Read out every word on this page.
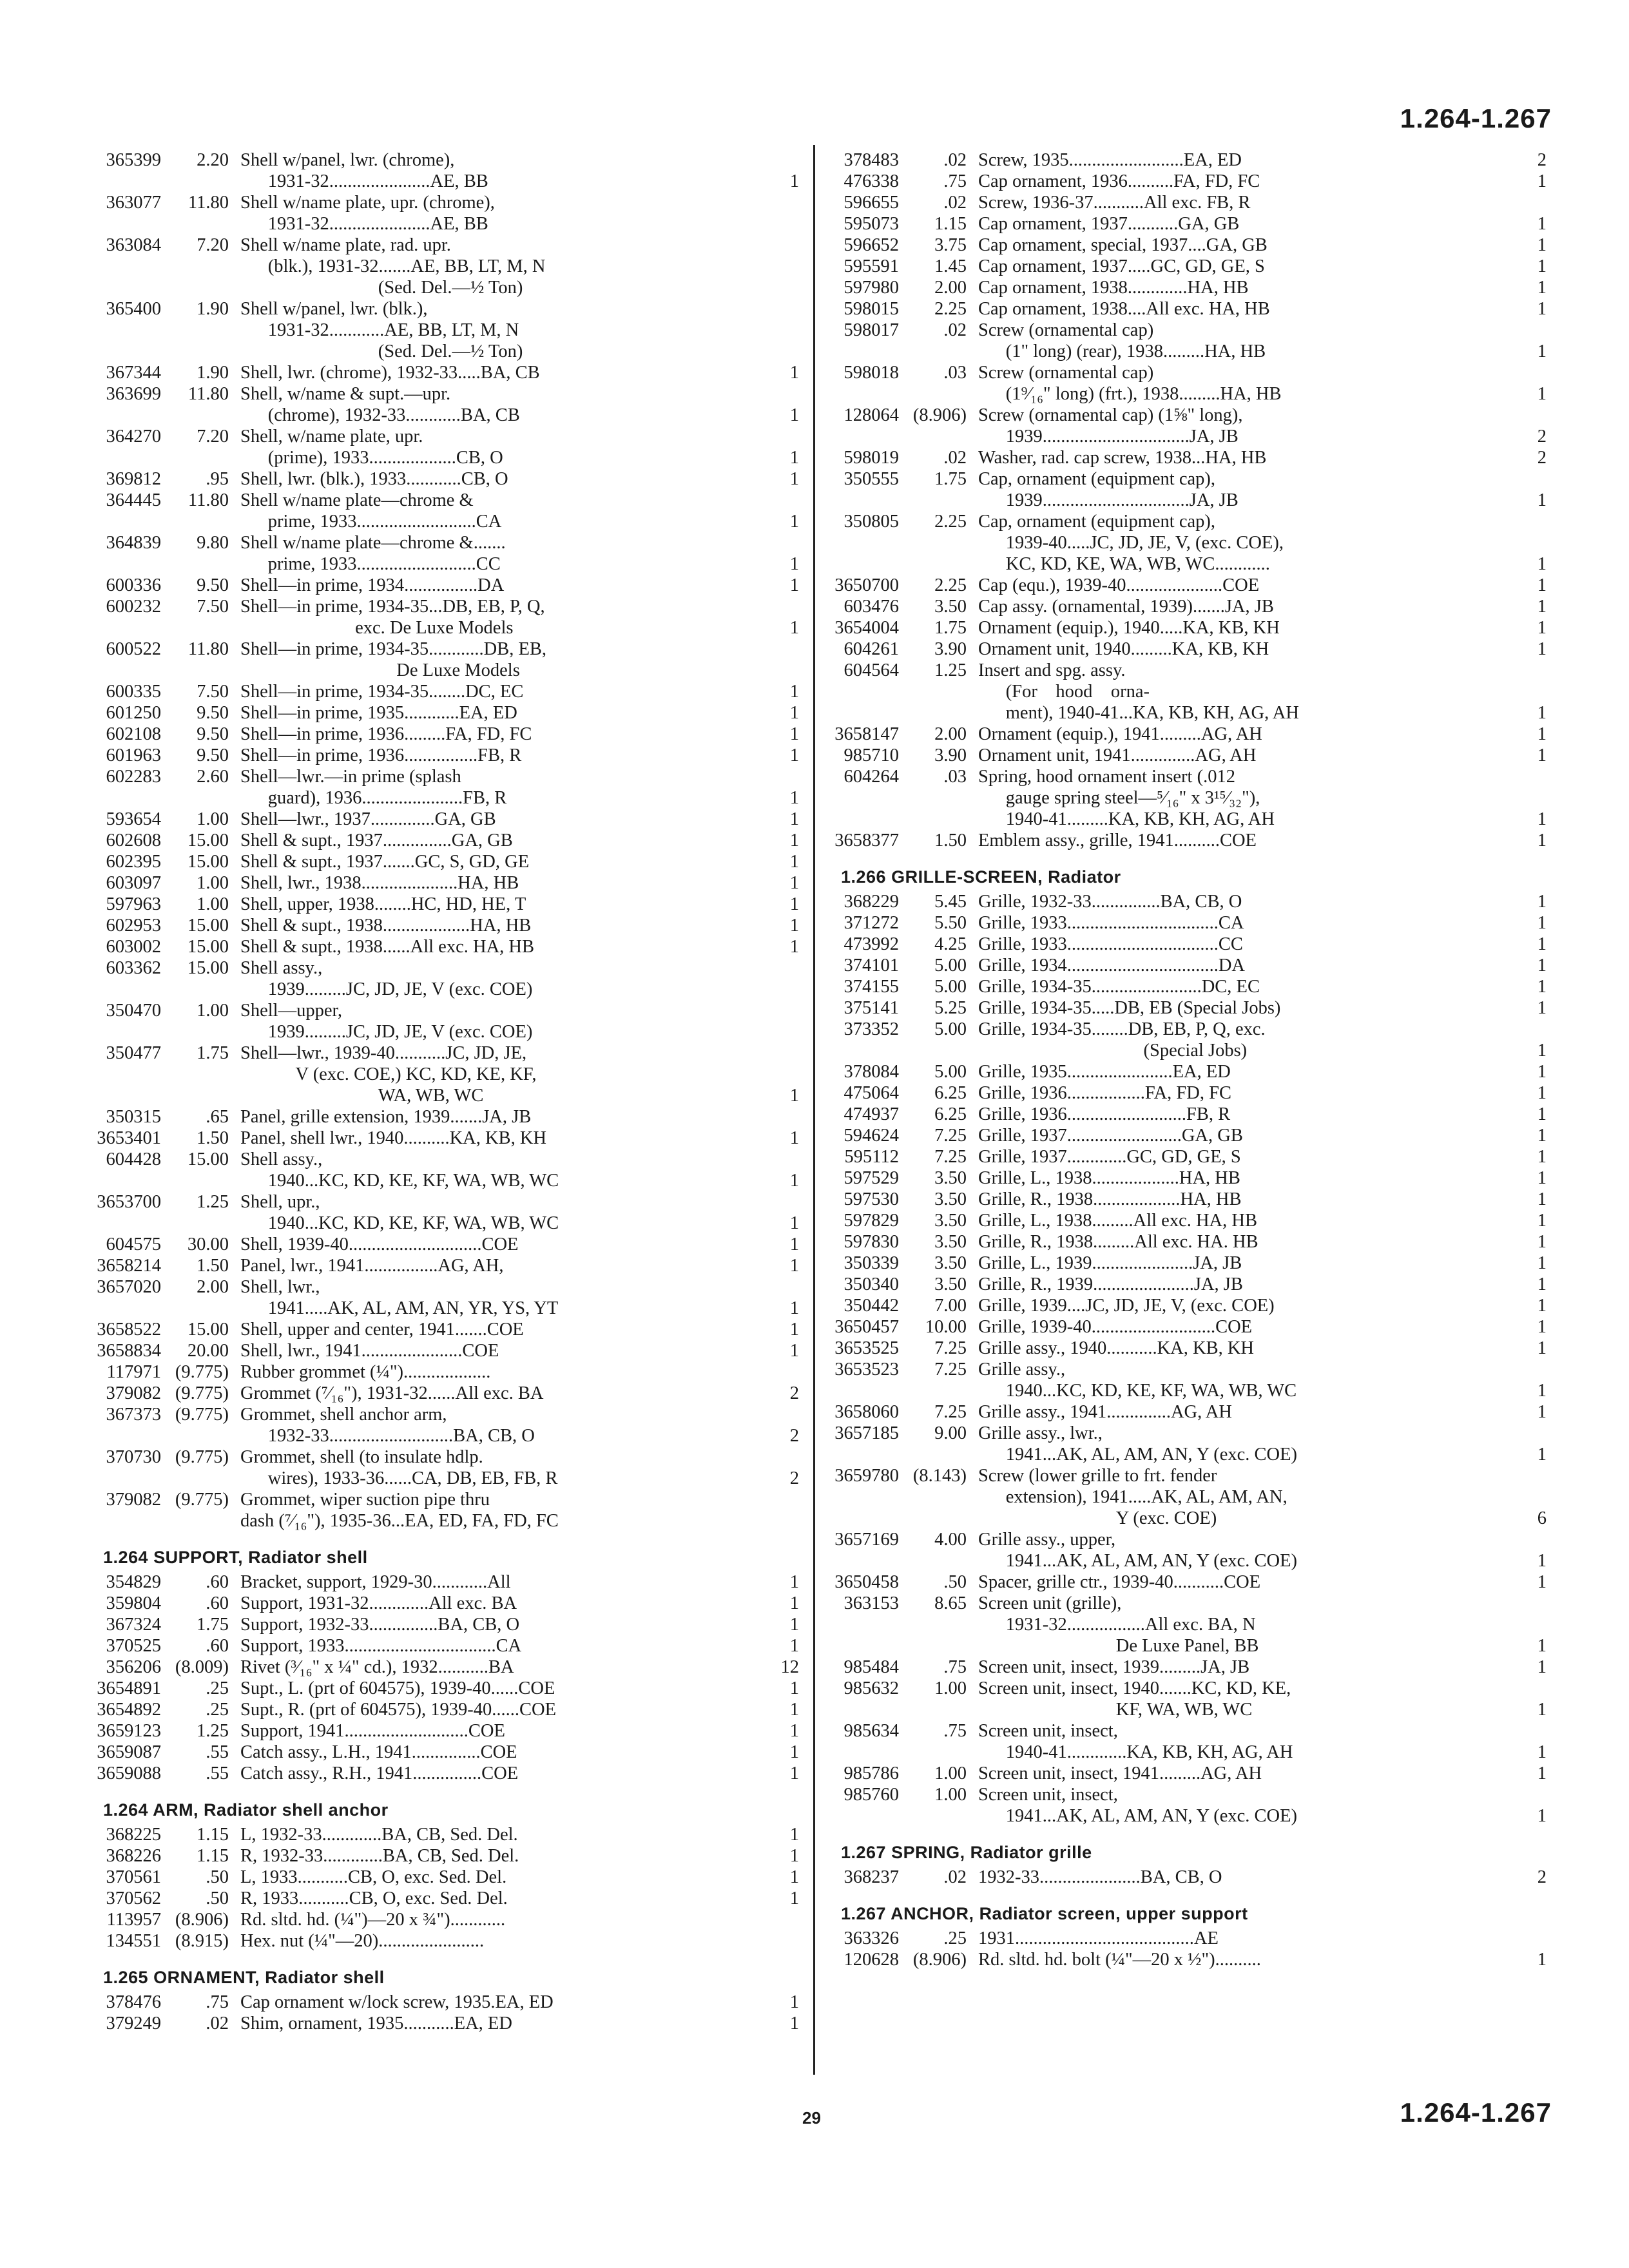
1.264-1.267
365399	2.20 Shell w/panel, lwr. (chrome),
1931-32......................AE, BB	1
363077	11.80 Shell w/name plate, upr. (chrome),
1931-32......................AE, BB
363084	7.20 Shell w/name plate, rad. upr.
(blk.), 1931-32.......AE, BB, LT, M, N
(Sed. Del.—½ Ton)
365400	1.90 Shell w/panel, lwr. (blk.),
1931-32............AE, BB, LT, M, N
(Sed. Del.—½ Ton)
367344	1.90 Shell, lwr. (chrome), 1932-33.....BA, CB	1
363699	11.80 Shell, w/name & supt.—upr.
(chrome), 1932-33............BA, CB	1
364270	7.20 Shell, w/name plate, upr.
(prime), 1933...................CB, O	1
369812	.95 Shell, lwr. (blk.), 1933............CB, O	1
364445	11.80 Shell w/name plate—chrome &
prime, 1933..........................CA	1
364839	9.80 Shell w/name plate—chrome &.......
prime, 1933..........................CC	1
600336	9.50 Shell—in prime, 1934................DA	1
600232	7.50 Shell—in prime, 1934-35...DB, EB, P, Q,
exc. De Luxe Models	1
600522	11.80 Shell—in prime, 1934-35............DB, EB,
De Luxe Models
600335	7.50 Shell—in prime, 1934-35........DC, EC	1
601250	9.50 Shell—in prime, 1935............EA, ED	1
602108	9.50 Shell—in prime, 1936.........FA, FD, FC	1
601963	9.50 Shell—in prime, 1936................FB, R	1
602283	2.60 Shell—lwr.—in prime (splash
guard), 1936......................FB, R	1
593654	1.00 Shell—lwr., 1937..............GA, GB	1
602608	15.00 Shell & supt., 1937...............GA, GB	1
602395	15.00 Shell & supt., 1937.......GC, S, GD, GE	1
603097	1.00 Shell, lwr., 1938.....................HA, HB	1
597963	1.00 Shell, upper, 1938........HC, HD, HE, T	1
602953	15.00 Shell & supt., 1938...................HA, HB	1
603002	15.00 Shell & supt., 1938......All exc. HA, HB	1
603362	15.00 Shell assy.,
1939.........JC, JD, JE, V (exc. COE)
350470	1.00 Shell—upper,
1939.........JC, JD, JE, V (exc. COE)
350477	1.75 Shell—lwr., 1939-40...........JC, JD, JE,
V (exc. COE,) KC, KD, KE, KF,
WA, WB, WC	1
350315	.65 Panel, grille extension, 1939.......JA, JB
3653401	1.50 Panel, shell lwr., 1940..........KA, KB, KH	1
604428	15.00 Shell assy.,
1940...KC, KD, KE, KF, WA, WB, WC	1
3653700	1.25 Shell, upr.,
1940...KC, KD, KE, KF, WA, WB, WC	1
604575	30.00 Shell, 1939-40.............................COE	1
3658214	1.50 Panel, lwr., 1941................AG, AH,	1
3657020	2.00 Shell, lwr.,
1941.....AK, AL, AM, AN, YR, YS, YT	1
3658522	15.00 Shell, upper and center, 1941.......COE	1
3658834	20.00 Shell, lwr., 1941......................COE	1
117971 (9.775) Rubber grommet (¼")...................
379082 (9.775) Grommet (⁷⁄₁₆"), 1931-32......All exc. BA	2
367373 (9.775) Grommet, shell anchor arm,
1932-33...........................BA, CB, O	2
370730 (9.775) Grommet, shell (to insulate hdlp.
wires), 1933-36......CA, DB, EB, FB, R	2
379082 (9.775) Grommet, wiper suction pipe thru
dash (⁷⁄₁₆"), 1935-36...EA, ED, FA, FD, FC
1.264 SUPPORT, Radiator shell
354829	.60 Bracket, support, 1929-30............All	1
359804	.60 Support, 1931-32.............All exc. BA	1
367324	1.75 Support, 1932-33...............BA, CB, O	1
370525	.60 Support, 1933.................................CA	1
356206 (8.009) Rivet (³⁄₁₆" x ¼" cd.), 1932...........BA	12
3654891	.25 Supt., L. (prt of 604575), 1939-40......COE	1
3654892	.25 Supt., R. (prt of 604575), 1939-40......COE	1
3659123	1.25 Support, 1941...........................COE	1
3659087	.55 Catch assy., L.H., 1941...............COE	1
3659088	.55 Catch assy., R.H., 1941...............COE	1
1.264 ARM, Radiator shell anchor
368225	1.15 L, 1932-33.............BA, CB, Sed. Del.	1
368226	1.15 R, 1932-33.............BA, CB, Sed. Del.	1
370561	.50 L, 1933...........CB, O, exc. Sed. Del.	1
370562	.50 R, 1933...........CB, O, exc. Sed. Del.	1
113957 (8.906) Rd. sltd. hd. (¼")—20 x ¾")............
134551 (8.915) Hex. nut (¼"—20).......................
1.265 ORNAMENT, Radiator shell
378476	.75 Cap ornament w/lock screw, 1935.EA, ED	1
379249	.02 Shim, ornament, 1935...........EA, ED	1
378483	.02 Screw, 1935.........................EA, ED	2
476338	.75 Cap ornament, 1936..........FA, FD, FC	1
596655	.02 Screw, 1936-37...........All exc. FB, R
595073	1.15 Cap ornament, 1937...........GA, GB	1
596652	3.75 Cap ornament, special, 1937....GA, GB	1
595591	1.45 Cap ornament, 1937.....GC, GD, GE, S	1
597980	2.00 Cap ornament, 1938.............HA, HB	1
598015	2.25 Cap ornament, 1938....All exc. HA, HB	1
598017	.02 Screw (ornamental cap)
(1" long) (rear), 1938.........HA, HB	1
598018	.03 Screw (ornamental cap)
(1⁹⁄₁₆" long) (frt.), 1938.........HA, HB	1
128064 (8.906) Screw (ornamental cap) (1⅝" long),
1939................................JA, JB	2
598019	.02 Washer, rad. cap screw, 1938...HA, HB	2
350555	1.75 Cap, ornament (equipment cap),
1939................................JA, JB	1
350805	2.25 Cap, ornament (equipment cap),
1939-40.....JC, JD, JE, V, (exc. COE),
KC, KD, KE, WA, WB, WC............	1
3650700	2.25 Cap (equ.), 1939-40.....................COE	1
603476	3.50 Cap assy. (ornamental, 1939).......JA, JB	1
3654004	1.75 Ornament (equip.), 1940.....KA, KB, KH	1
604261	3.90 Ornament unit, 1940.........KA, KB, KH	1
604564	1.25 Insert and spg. assy.
(For    hood    orna-
ment), 1940-41...KA, KB, KH, AG, AH	1
3658147	2.00 Ornament (equip.), 1941.........AG, AH	1
985710	3.90 Ornament unit, 1941..............AG, AH	1
604264	.03 Spring, hood ornament insert (.012
gauge spring steel—⁵⁄₁₆" x 3¹⁵⁄₃₂"),
1940-41.........KA, KB, KH, AG, AH	1
3658377	1.50 Emblem assy., grille, 1941..........COE	1
1.266 GRILLE-SCREEN, Radiator
368229	5.45 Grille, 1932-33...............BA, CB, O	1
371272	5.50 Grille, 1933.................................CA	1
473992	4.25 Grille, 1933.................................CC	1
374101	5.00 Grille, 1934.................................DA	1
374155	5.00 Grille, 1934-35........................DC, EC	1
375141	5.25 Grille, 1934-35.....DB, EB (Special Jobs)	1
373352	5.00 Grille, 1934-35........DB, EB, P, Q, exc.
(Special Jobs)	1
378084	5.00 Grille, 1935.......................EA, ED	1
475064	6.25 Grille, 1936.................FA, FD, FC	1
474937	6.25 Grille, 1936..........................FB, R	1
594624	7.25 Grille, 1937.........................GA, GB	1
595112	7.25 Grille, 1937.............GC, GD, GE, S	1
597529	3.50 Grille, L., 1938...................HA, HB	1
597530	3.50 Grille, R., 1938...................HA, HB	1
597829	3.50 Grille, L., 1938.........All exc. HA, HB	1
597830	3.50 Grille, R., 1938.........All exc. HA. HB	1
350339	3.50 Grille, L., 1939......................JA, JB	1
350340	3.50 Grille, R., 1939......................JA, JB	1
350442	7.00 Grille, 1939....JC, JD, JE, V, (exc. COE)	1
3650457	10.00 Grille, 1939-40...........................COE	1
3653525	7.25 Grille assy., 1940...........KA, KB, KH	1
3653523	7.25 Grille assy.,
1940...KC, KD, KE, KF, WA, WB, WC	1
3658060	7.25 Grille assy., 1941..............AG, AH	1
3657185	9.00 Grille assy., lwr.,
1941...AK, AL, AM, AN, Y (exc. COE)	1
3659780 (8.143) Screw (lower grille to frt. fender
extension), 1941.....AK, AL, AM, AN,
Y (exc. COE)	6
3657169	4.00 Grille assy., upper,
1941...AK, AL, AM, AN, Y (exc. COE)	1
3650458	.50 Spacer, grille ctr., 1939-40...........COE	1
363153	8.65 Screen unit (grille),
1931-32.................All exc. BA, N
De Luxe Panel, BB	1
985484	.75 Screen unit, insect, 1939.........JA, JB	1
985632	1.00 Screen unit, insect, 1940.......KC, KD, KE,
KF, WA, WB, WC	1
985634	.75 Screen unit, insect,
1940-41.............KA, KB, KH, AG, AH	1
985786	1.00 Screen unit, insect, 1941.........AG, AH	1
985760	1.00 Screen unit, insect,
1941...AK, AL, AM, AN, Y (exc. COE)	1
1.267 SPRING, Radiator grille
368237	.02 1932-33......................BA, CB, O	2
1.267 ANCHOR, Radiator screen, upper support
363326	.25 1931.......................................AE
120628 (8.906) Rd. sltd. hd. bolt (¼"—20 x ½")..........	1
29	1.264-1.267
